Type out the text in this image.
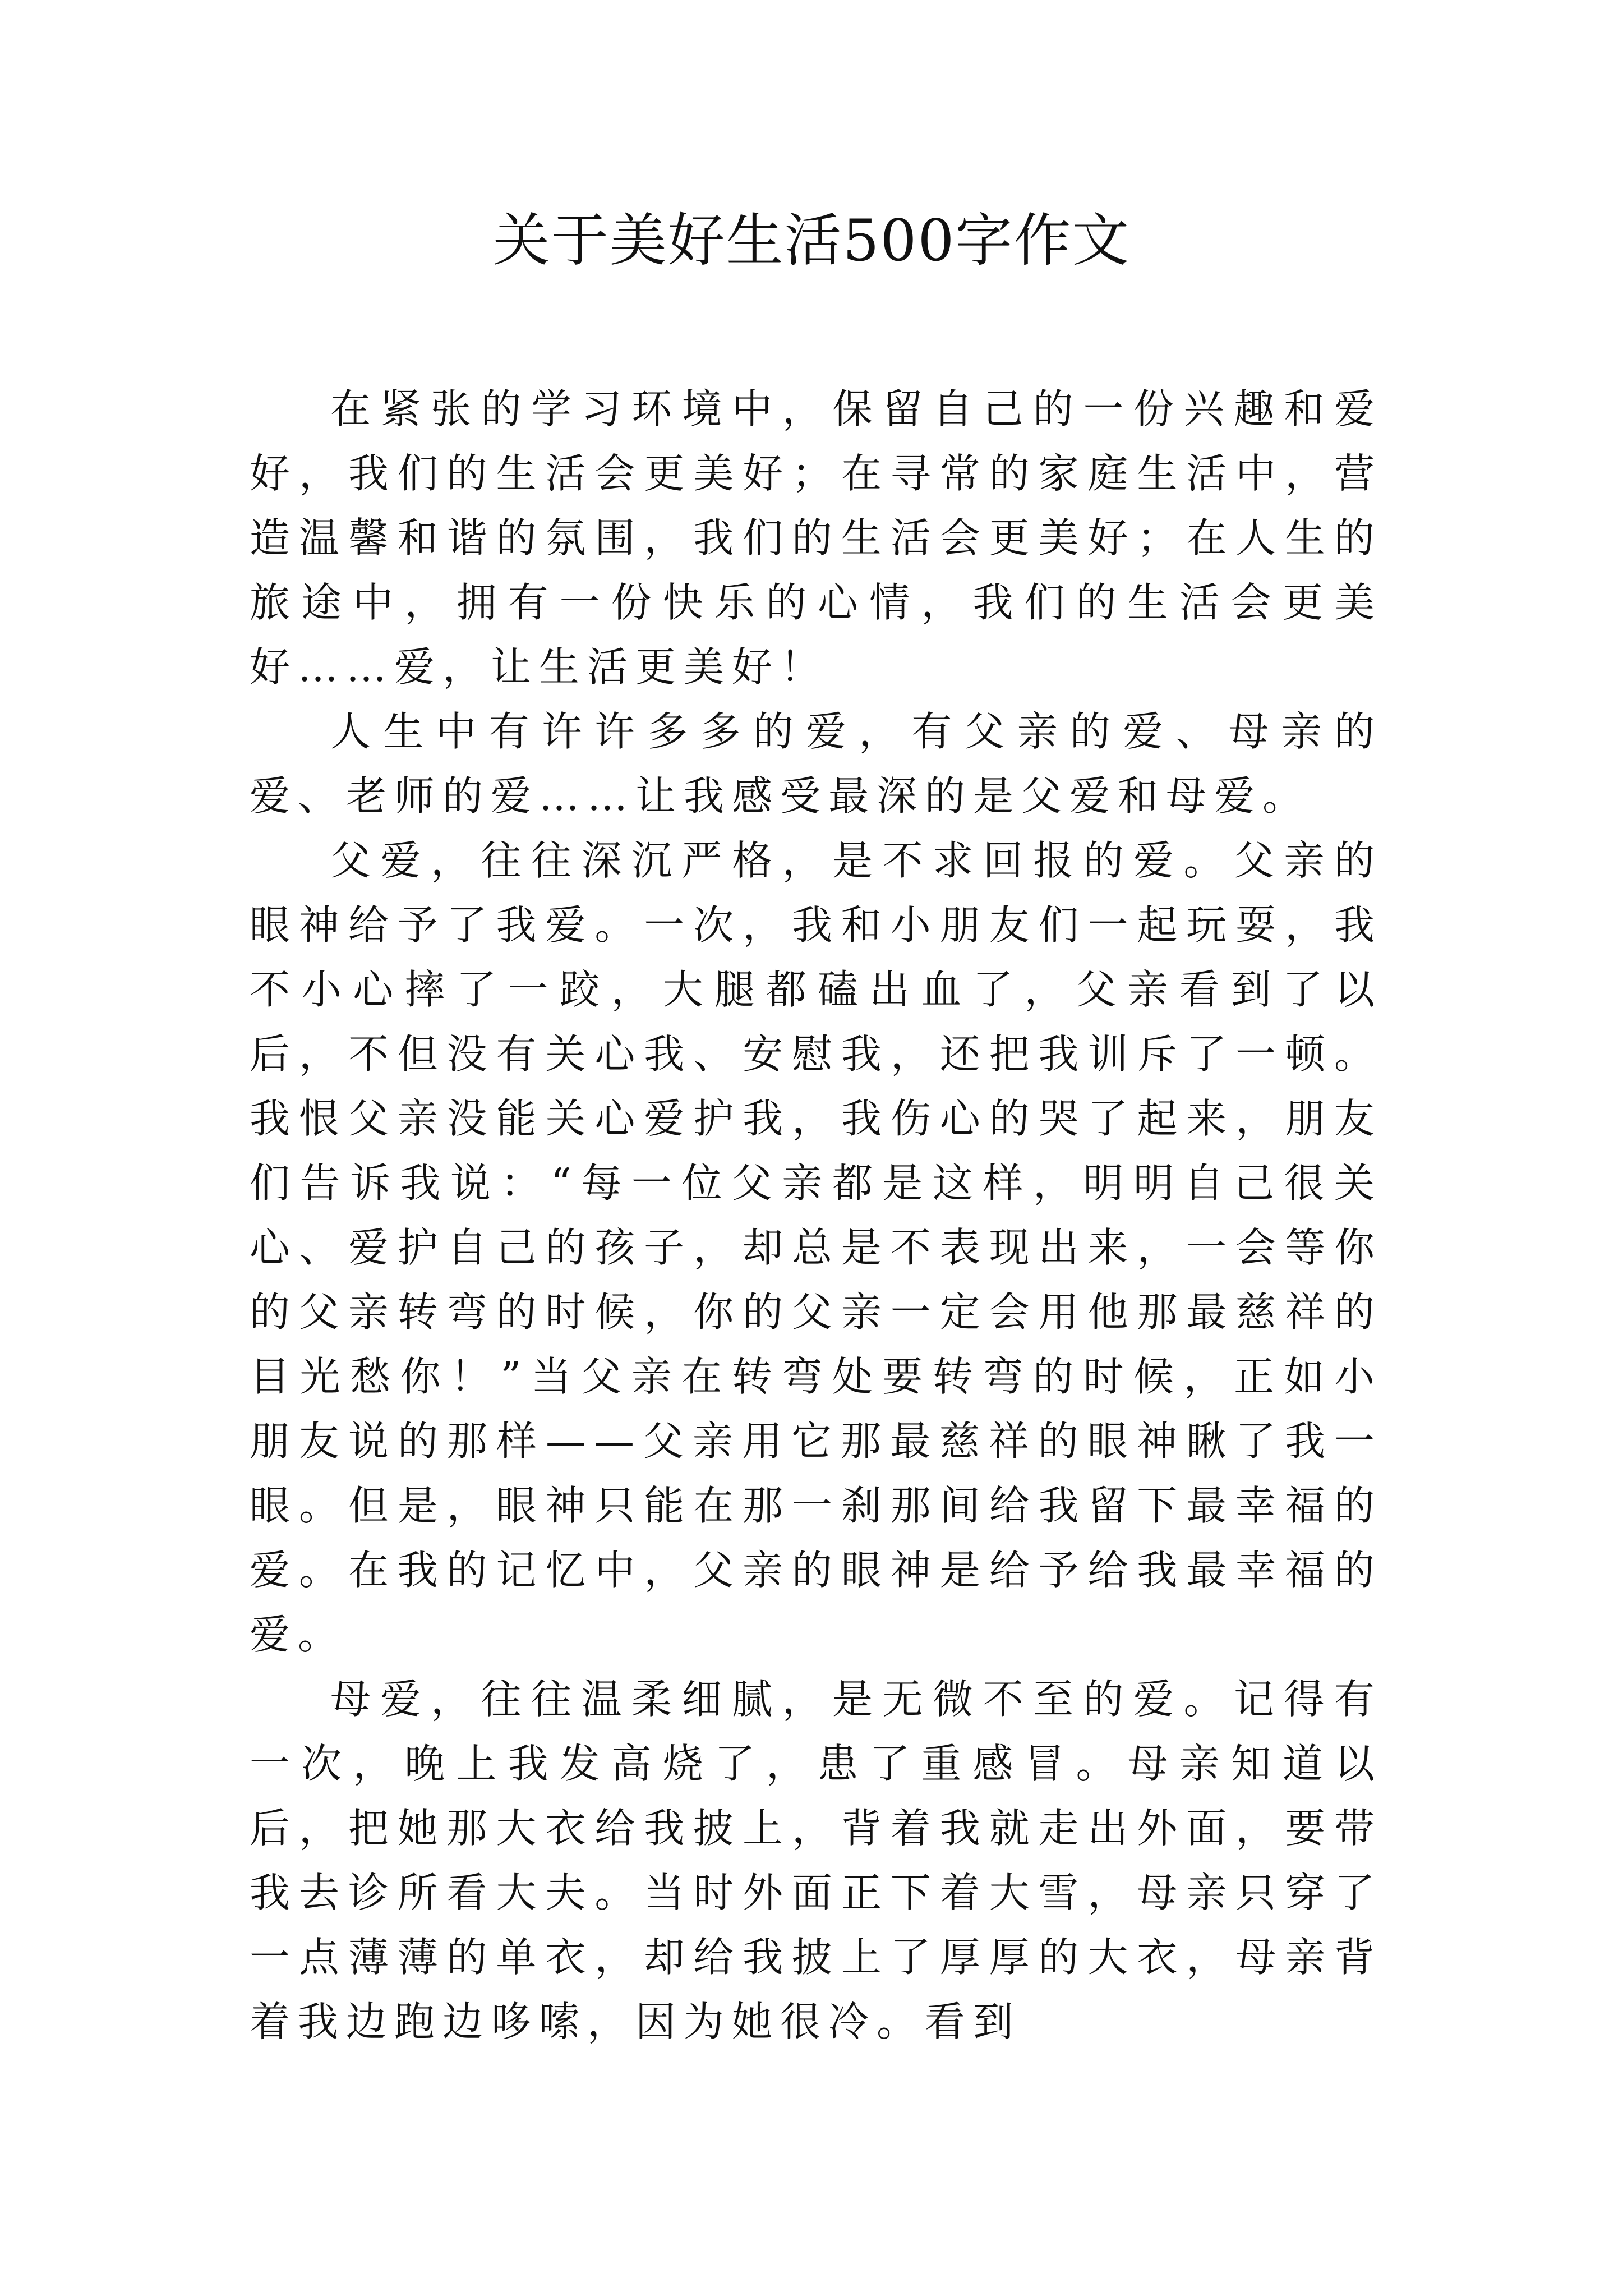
关于美好生活500字作文

在紧张的学习环境中，保留自己的一份兴趣和爱好，我们的生活会更美好；在寻常的家庭生活中，营造温馨和谐的氛围，我们的生活会更美好；在人生的旅途中，拥有一份快乐的心情，我们的生活会更美好……爱，让生活更美好！

人生中有许许多多的爱，有父亲的爱、母亲的爱、老师的爱……让我感受最深的是父爱和母爱。

父爱，往往深沉严格，是不求回报的爱。父亲的眼神给予了我爱。一次，我和小朋友们一起玩耍，我不小心摔了一跤，大腿都磕出血了，父亲看到了以后，不但没有关心我、安慰我，还把我训斥了一顿。我恨父亲没能关心爱护我，我伤心的哭了起来，朋友们告诉我说：“每一位父亲都是这样，明明自己很关心、爱护自己的孩子，却总是不表现出来，一会等你的父亲转弯的时候，你的父亲一定会用他那最慈祥的目光愁你！”当父亲在转弯处要转弯的时候，正如小朋友说的那样——父亲用它那最慈祥的眼神瞅了我一眼。但是，眼神只能在那一刹那间给我留下最幸福的爱。在我的记忆中，父亲的眼神是给予给我最幸福的爱。

母爱，往往温柔细腻，是无微不至的爱。记得有一次，晚上我发高烧了，患了重感冒。母亲知道以后，把她那大衣给我披上，背着我就走出外面，要带我去诊所看大夫。当时外面正下着大雪，母亲只穿了一点薄薄的单衣，却给我披上了厚厚的大衣，母亲背着我边跑边哆嗦，因为她很冷。看到
